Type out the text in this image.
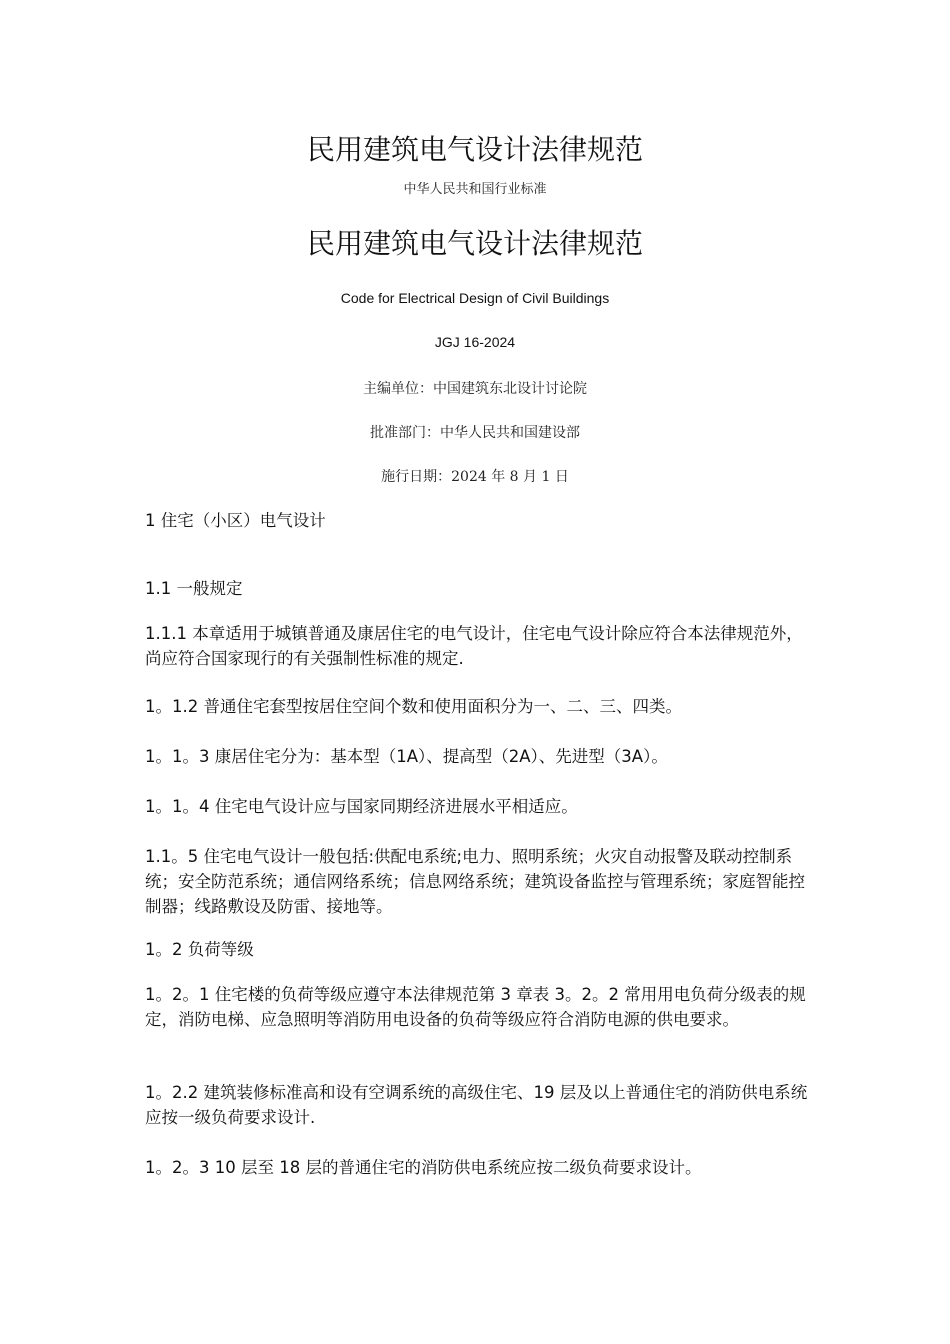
民用建筑电气设计法律规范
中华人民共和国行业标准
民用建筑电气设计法律规范
Code for Electrical Design of Civil Buildings
JGJ 16-2024
主编单位：中国建筑东北设计讨论院
批准部门：中华人民共和国建设部
施行日期：2024 年 8 月 1 日
1 住宅（小区）电气设计
1.1 一般规定
1.1.1 本章适用于城镇普通及康居住宅的电气设计，住宅电气设计除应符合本法律规范外，尚应符合国家现行的有关强制性标准的规定.
1。1.2 普通住宅套型按居住空间个数和使用面积分为一、二、三、四类。
1。1。3 康居住宅分为：基本型（1A）、提高型（2A）、先进型（3A）。
1。1。4 住宅电气设计应与国家同期经济进展水平相适应。
1.1。5 住宅电气设计一般包括:供配电系统;电力、照明系统；火灾自动报警及联动控制系统；安全防范系统；通信网络系统；信息网络系统；建筑设备监控与管理系统；家庭智能控制器；线路敷设及防雷、接地等。
1。2 负荷等级
1。2。1 住宅楼的负荷等级应遵守本法律规范第 3 章表 3。2。2 常用用电负荷分级表的规定，消防电梯、应急照明等消防用电设备的负荷等级应符合消防电源的供电要求。
1。2.2 建筑装修标准高和设有空调系统的高级住宅、19 层及以上普通住宅的消防供电系统应按一级负荷要求设计.
1。2。3 10 层至 18 层的普通住宅的消防供电系统应按二级负荷要求设计。
